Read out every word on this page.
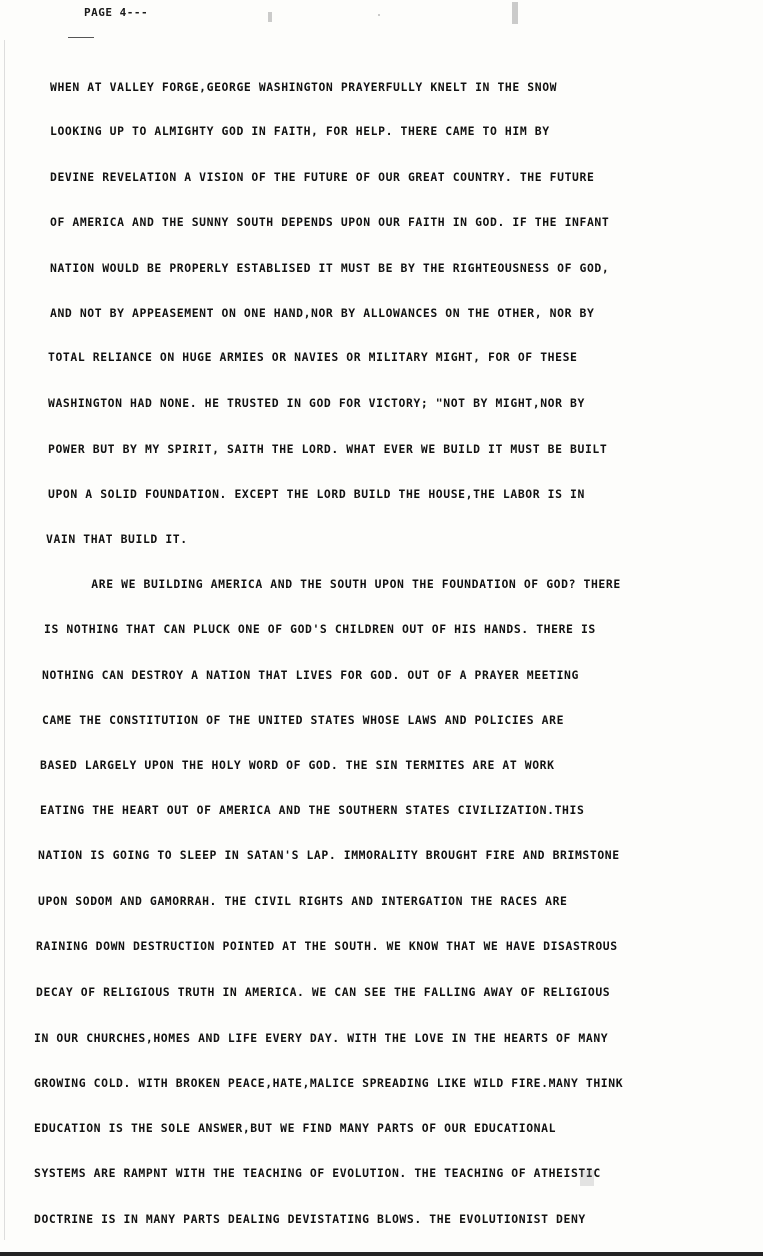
PAGE 4---
WHEN AT VALLEY FORGE,GEORGE WASHINGTON PRAYERFULLY KNELT IN THE SNOW
LOOKING UP TO ALMIGHTY GOD IN FAITH, FOR HELP. THERE CAME TO HIM BY
DEVINE REVELATION A VISION OF THE FUTURE OF OUR GREAT COUNTRY. THE FUTURE
OF AMERICA AND THE SUNNY SOUTH DEPENDS UPON OUR FAITH IN GOD. IF THE INFANT
NATION WOULD BE PROPERLY ESTABLISED IT MUST BE BY THE RIGHTEOUSNESS OF GOD,
AND NOT BY APPEASEMENT ON ONE HAND,NOR BY ALLOWANCES ON THE OTHER, NOR BY
TOTAL RELIANCE ON HUGE ARMIES OR NAVIES OR MILITARY MIGHT, FOR OF THESE
WASHINGTON HAD NONE. HE TRUSTED IN GOD FOR VICTORY; "NOT BY MIGHT,NOR BY
POWER BUT BY MY SPIRIT, SAITH THE LORD. WHAT EVER WE BUILD IT MUST BE BUILT
UPON A SOLID FOUNDATION. EXCEPT THE LORD BUILD THE HOUSE,THE LABOR IS IN
VAIN THAT BUILD IT.
ARE WE BUILDING AMERICA AND THE SOUTH UPON THE FOUNDATION OF GOD? THERE
IS NOTHING THAT CAN PLUCK ONE OF GOD'S CHILDREN OUT OF HIS HANDS. THERE IS
NOTHING CAN DESTROY A NATION THAT LIVES FOR GOD. OUT OF A PRAYER MEETING
CAME THE CONSTITUTION OF THE UNITED STATES WHOSE LAWS AND POLICIES ARE
BASED LARGELY UPON THE HOLY WORD OF GOD. THE SIN TERMITES ARE AT WORK
EATING THE HEART OUT OF AMERICA AND THE SOUTHERN STATES CIVILIZATION.THIS
NATION IS GOING TO SLEEP IN SATAN'S LAP. IMMORALITY BROUGHT FIRE AND BRIMSTONE
UPON SODOM AND GAMORRAH. THE CIVIL RIGHTS AND INTERGATION THE RACES ARE
RAINING DOWN DESTRUCTION POINTED AT THE SOUTH. WE KNOW THAT WE HAVE DISASTROUS
DECAY OF RELIGIOUS TRUTH IN AMERICA. WE CAN SEE THE FALLING AWAY OF RELIGIOUS
IN OUR CHURCHES,HOMES AND LIFE EVERY DAY. WITH THE LOVE IN THE HEARTS OF MANY
GROWING COLD. WITH BROKEN PEACE,HATE,MALICE SPREADING LIKE WILD FIRE.MANY THINK
EDUCATION IS THE SOLE ANSWER,BUT WE FIND MANY PARTS OF OUR EDUCATIONAL
SYSTEMS ARE RAMPNT WITH THE TEACHING OF EVOLUTION. THE TEACHING OF ATHEISTIC
DOCTRINE IS IN MANY PARTS DEALING DEVISTATING BLOWS. THE EVOLUTIONIST DENY
